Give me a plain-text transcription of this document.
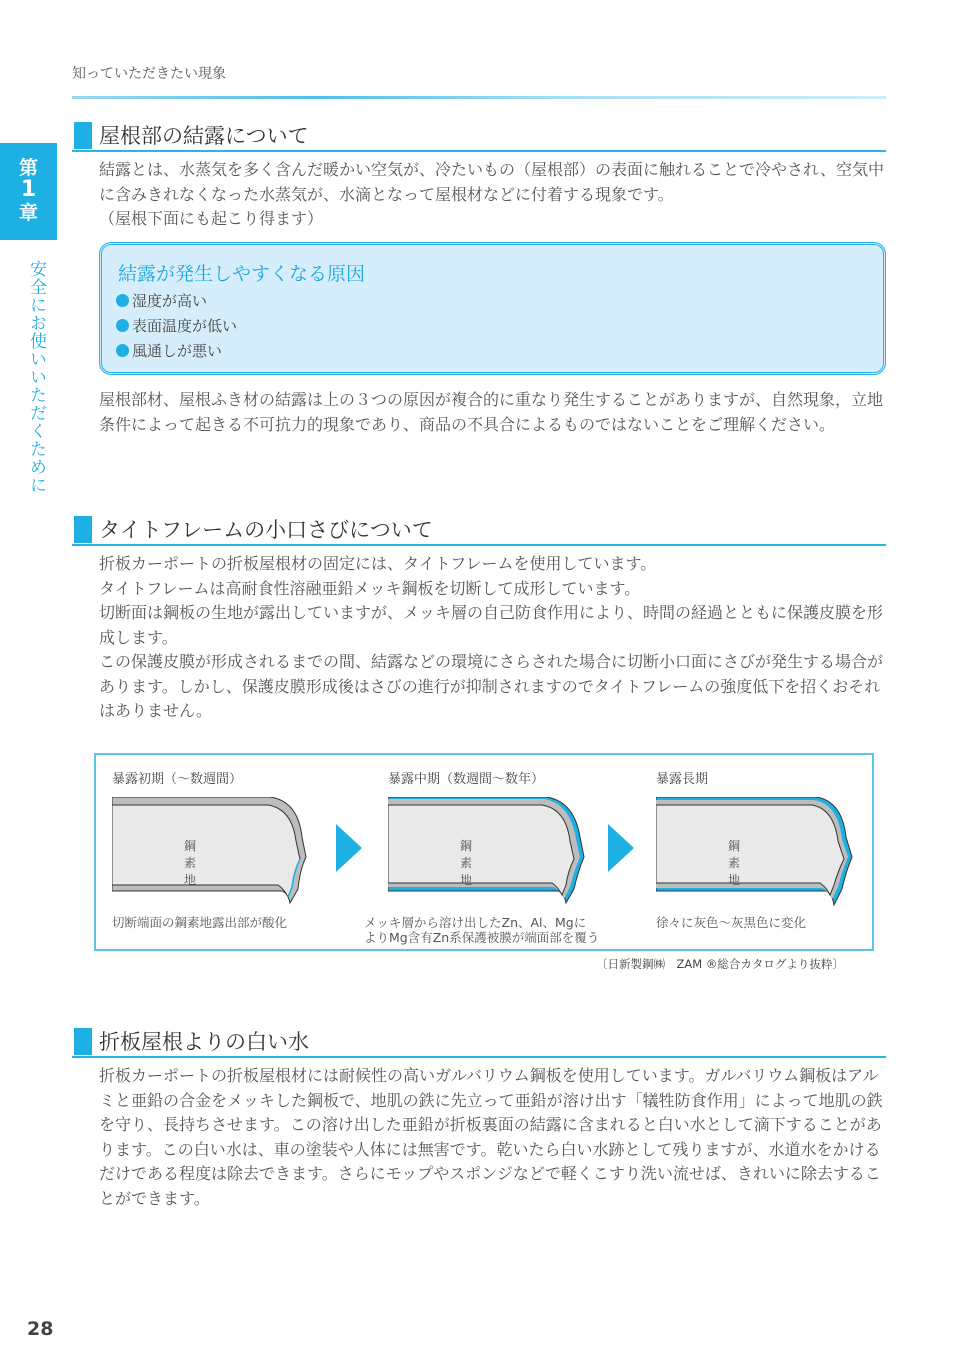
知っていただきたい現象
第
1
章
安全にお使いいただくために
屋根部の結露について

結露とは、水蒸気を多く含んだ暖かい空気が、冷たいもの（屋根部）の表面に触れることで冷やされ、空気中に含みきれなくなった水蒸気が、水滴となって屋根材などに付着する現象です。

（屋根下面にも起こり得ます）

結露が発生しやすくなる原因
湿度が高い
表面温度が低い
風通しが悪い

屋根部材、屋根ふき材の結露は上の３つの原因が複合的に重なり発生することがありますが、自然現象，立地条件によって起きる不可抗力的現象であり、商品の不具合によるものではないことをご理解ください。

タイトフレームの小口さびについて

折板カーポートの折板屋根材の固定には、タイトフレームを使用しています。

タイトフレームは高耐食性溶融亜鉛メッキ鋼板を切断して成形しています。

切断面は鋼板の生地が露出していますが、メッキ層の自己防食作用により、時間の経過とともに保護皮膜を形成します。

この保護皮膜が形成されるまでの間、結露などの環境にさらされた場合に切断小口面にさびが発生する場合があります。しかし、保護皮膜形成後はさびの進行が抑制されますのでタイトフレームの強度低下を招くおそれはありません。

暴露初期（〜数週間）
鋼素地
切断端面の鋼素地露出部が酸化
暴露中期（数週間〜数年）
鋼素地
メッキ層から溶け出したZn、Al、Mgに
よりMg含有Zn系保護被膜が端面部を覆う
暴露長期
鋼素地
徐々に灰色〜灰黒色に変化
〔日新製鋼㈱　ZAM ®総合カタログより抜粋〕
折板屋根よりの白い水

折板カーポートの折板屋根材には耐候性の高いガルバリウム鋼板を使用しています。ガルバリウム鋼板はアルミと亜鉛の合金をメッキした鋼板で、地肌の鉄に先立って亜鉛が溶け出す「犠牲防食作用」によって地肌の鉄を守り、長持ちさせます。この溶け出した亜鉛が折板裏面の結露に含まれると白い水として滴下することがあります。この白い水は、車の塗装や人体には無害です。乾いたら白い水跡として残りますが、水道水をかけるだけである程度は除去できます。さらにモップやスポンジなどで軽くこすり洗い流せば、きれいに除去することができます。

28
